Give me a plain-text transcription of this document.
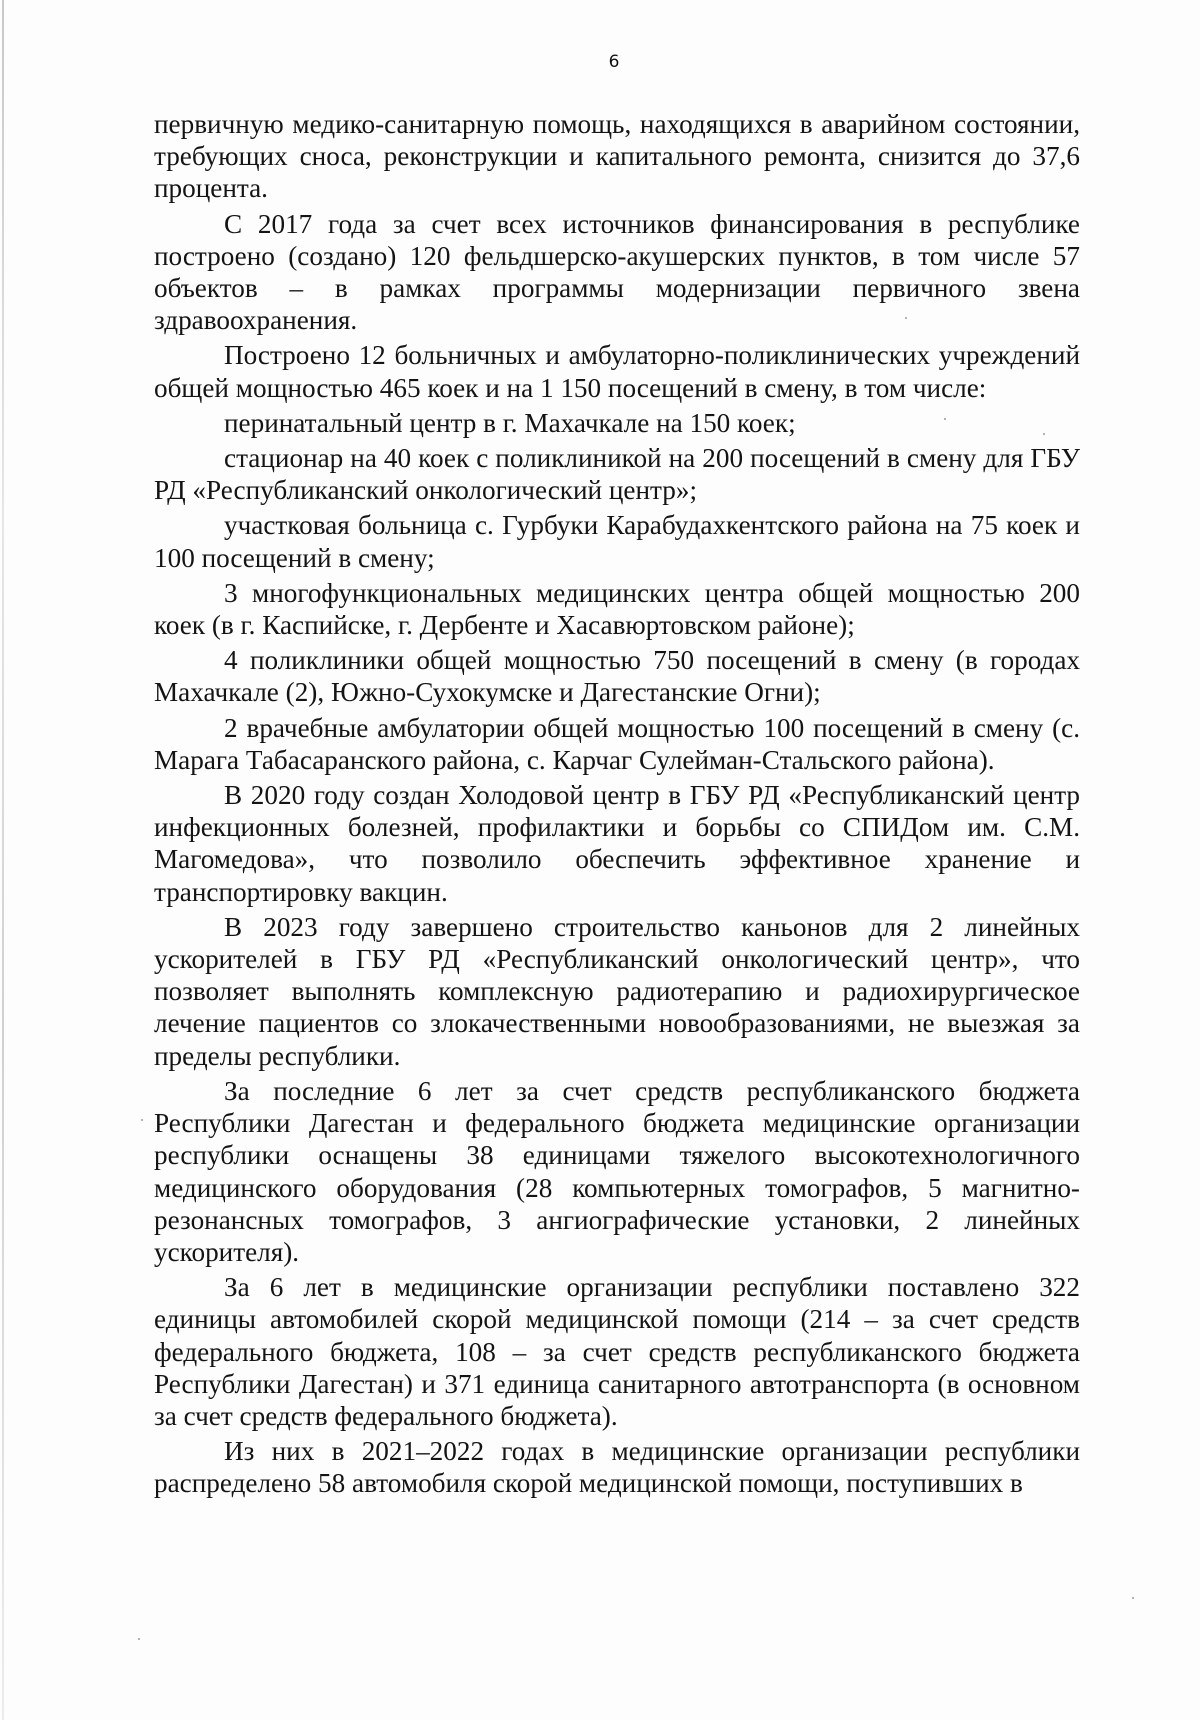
6

первичную медико-санитарную помощь, находящихся в аварийном состоянии, требующих сноса, реконструкции и капитального ремонта, снизится до 37,6 процента.

С 2017 года за счет всех источников финансирования в республике построено (создано) 120 фельдшерско-акушерских пунктов, в том числе 57 объектов – в рамках программы модернизации первичного звена здравоохранения.

Построено 12 больничных и амбулаторно-поликлинических учреждений общей мощностью 465 коек и на 1 150 посещений в смену, в том числе:

перинатальный центр в г. Махачкале на 150 коек;

стационар на 40 коек с поликлиникой на 200 посещений в смену для ГБУ РД «Республиканский онкологический центр»;

участковая больница с. Гурбуки Карабудахкентского района на 75 коек и 100 посещений в смену;

3 многофункциональных медицинских центра общей мощностью 200 коек (в г. Каспийске, г. Дербенте и Хасавюртовском районе);

4 поликлиники общей мощностью 750 посещений в смену (в городах Махачкале (2), Южно-Сухокумске и Дагестанские Огни);

2 врачебные амбулатории общей мощностью 100 посещений в смену (с. Марага Табасаранского района, с. Карчаг Сулейман-Стальского района).

В 2020 году создан Холодовой центр в ГБУ РД «Республиканский центр инфекционных болезней, профилактики и борьбы со СПИДом им. С.М. Магомедова», что позволило обеспечить эффективное хранение и транспортировку вакцин.

В 2023 году завершено строительство каньонов для 2 линейных ускорителей в ГБУ РД «Республиканский онкологический центр», что позволяет выполнять комплексную радиотерапию и радиохирургическое лечение пациентов со злокачественными новообразованиями, не выезжая за пределы республики.

За последние 6 лет за счет средств республиканского бюджета Республики Дагестан и федерального бюджета медицинские организации республики оснащены 38 единицами тяжелого высокотехнологичного медицинского оборудования (28 компьютерных томографов, 5 магнитно-резонансных томографов, 3 ангиографические установки, 2 линейных ускорителя).

За 6 лет в медицинские организации республики поставлено 322 единицы автомобилей скорой медицинской помощи (214 – за счет средств федерального бюджета, 108 – за счет средств республиканского бюджета Республики Дагестан) и 371 единица санитарного автотранспорта (в основном за счет средств федерального бюджета).

Из них в 2021–2022 годах в медицинские организации республики распределено 58 автомобиля скорой медицинской помощи, поступивших в
